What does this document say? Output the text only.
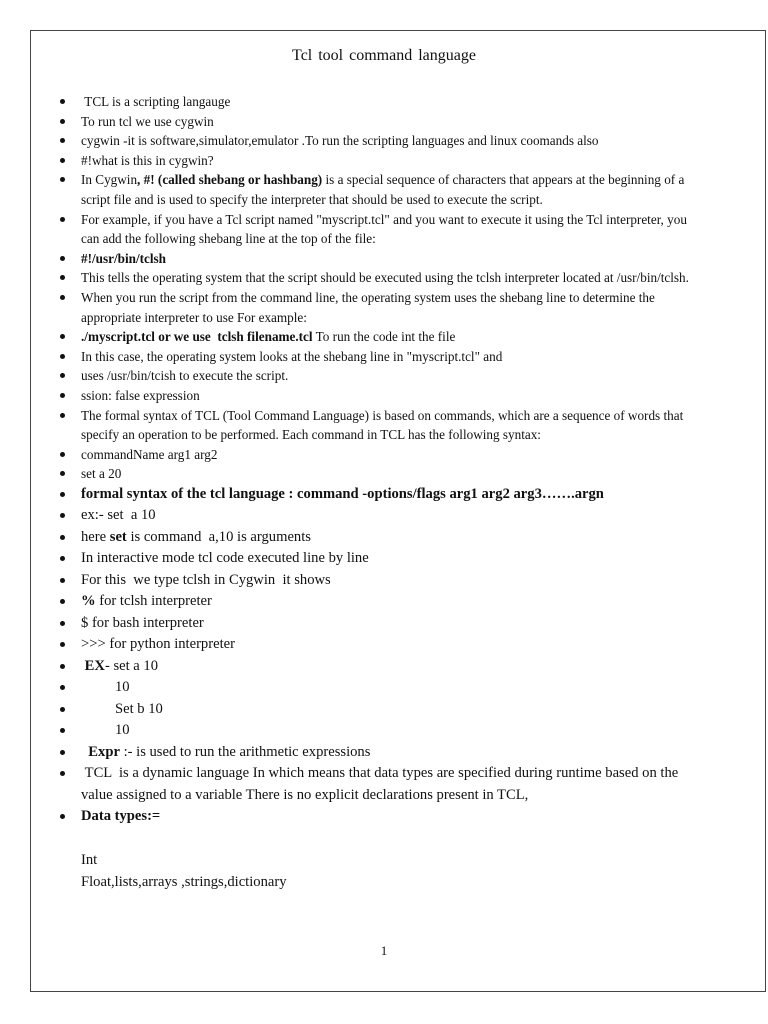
Tcl tool command language
TCL is a scripting langauge
To run tcl we use cygwin
cygwin -it is software,simulator,emulator .To run the scripting languages and linux coomands also
#!what is this in cygwin?
In Cygwin, #! (called shebang or hashbang) is a special sequence of characters that appears at the beginning of a script file and is used to specify the interpreter that should be used to execute the script.
For example, if you have a Tcl script named "myscript.tcl" and you want to execute it using the Tcl interpreter, you can add the following shebang line at the top of the file:
#!/usr/bin/tclsh
This tells the operating system that the script should be executed using the tclsh interpreter located at /usr/bin/tclsh.
When you run the script from the command line, the operating system uses the shebang line to determine the appropriate interpreter to use For example:
./myscript.tcl or we use  tclsh filename.tcl To run the code int the file
In this case, the operating system looks at the shebang line in "myscript.tcl" and
uses /usr/bin/tcish to execute the script.
ssion: false expression
The formal syntax of TCL (Tool Command Language) is based on commands, which are a sequence of words that specify an operation to be performed. Each command in TCL has the following syntax:
commandName arg1 arg2
set a 20
formal syntax of the tcl language : command -options/flags arg1 arg2 arg3…….argn
ex:- set  a 10
here set is command  a,10 is arguments
In interactive mode tcl code executed line by line
For this  we type tclsh in Cygwin  it shows
% for tclsh interpreter
$ for bash interpreter
>>> for python interpreter
EX- set a 10
10
Set b 10
10
Expr :- is used to run the arithmetic expressions
TCL  is a dynamic language In which means that data types are specified during runtime based on the value assigned to a variable There is no explicit declarations present in TCL,
Data types:=
Int
Float,lists,arrays ,strings,dictionary
1
